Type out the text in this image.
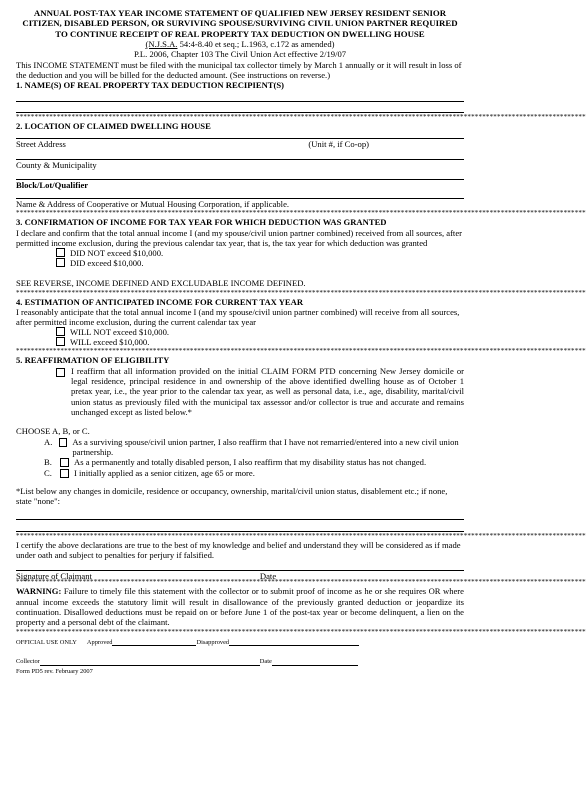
ANNUAL POST-TAX YEAR INCOME STATEMENT OF QUALIFIED NEW JERSEY RESIDENT SENIOR CITIZEN, DISABLED PERSON, OR SURVIVING SPOUSE/SURVIVING CIVIL UNION PARTNER REQUIRED TO CONTINUE RECEIPT OF REAL PROPERTY TAX DEDUCTION ON DWELLING HOUSE
(N.J.S.A. 54:4-8.40 et seq.; L.1963, c.172 as amended)
P.L. 2006, Chapter 103 The Civil Union Act effective 2/19/07
This INCOME STATEMENT must be filed with the municipal tax collector timely by March 1 annually or it will result in loss of the deduction and you will be billed for the deducted amount. (See instructions on reverse.)
1. NAME(S) OF REAL PROPERTY TAX DEDUCTION RECIPIENT(S)
**********************************************************************************************************************************************************
2. LOCATION OF CLAIMED DWELLING HOUSE
Street Address	(Unit #, if Co-op)
County & Municipality
Block/Lot/Qualifier
Name & Address of Cooperative or Mutual Housing Corporation, if applicable.
**********************************************************************************************************************************************************
3. CONFIRMATION OF INCOME FOR TAX YEAR FOR WHICH DEDUCTION WAS GRANTED
I declare and confirm that the total annual income I (and my spouse/civil union partner combined) received from all sources, after permitted income exclusion, during the previous calendar tax year, that is, the tax year for which deduction was granted
DID NOT exceed $10,000.
DID exceed $10,000.
SEE REVERSE, INCOME DEFINED AND EXCLUDABLE INCOME DEFINED.
**********************************************************************************************************************************************************
4. ESTIMATION OF ANTICIPATED INCOME FOR CURRENT TAX YEAR
I reasonably anticipate that the total annual income I (and my spouse/civil union partner combined) will receive from all sources, after permitted income exclusion, during the current calendar tax year
WILL NOT exceed $10,000.
WILL exceed $10,000.
**********************************************************************************************************************************************************
5. REAFFIRMATION OF ELIGIBILITY
I reaffirm that all information provided on the initial CLAIM FORM PTD concerning New Jersey domicile or legal residence, principal residence in and ownership of the above identified dwelling house as of October 1 pretax year, i.e., the year prior to the calendar tax year, as well as personal data, i.e., age, disability, marital/civil union status as previously filed with the municipal tax assessor and/or collector is true and accurate and remains unchanged except as listed below.*
CHOOSE A, B, or C.
A.	As a surviving spouse/civil union partner, I also reaffirm that I have not remarried/entered into a new civil union partnership.
B.	As a permanently and totally disabled person, I also reaffirm that my disability status has not changed.
C.	I initially applied as a senior citizen, age 65 or more.
*List below any changes in domicile, residence or occupancy, ownership, marital/civil union status, disablement etc.; if none, state "none":
**********************************************************************************************************************************************************
I certify the above declarations are true to the best of my knowledge and belief and understand they will be considered as if made under oath and subject to penalties for perjury if falsified.
Signature of Claimant	Date
**********************************************************************************************************************************************************
WARNING: Failure to timely file this statement with the collector or to submit proof of income as he or she requires OR where annual income exceeds the statutory limit will result in disallowance of the previously granted deduction or jeopardize its continuation. Disallowed deductions must be repaid on or before June 1 of the post-tax year or become delinquent, a lien on the property and a personal debt of the claimant.
**********************************************************************************************************************************************************
OFFICIAL USE ONLY Approved	Disapproved
Collector	Date
Form PD5 rev. February 2007
